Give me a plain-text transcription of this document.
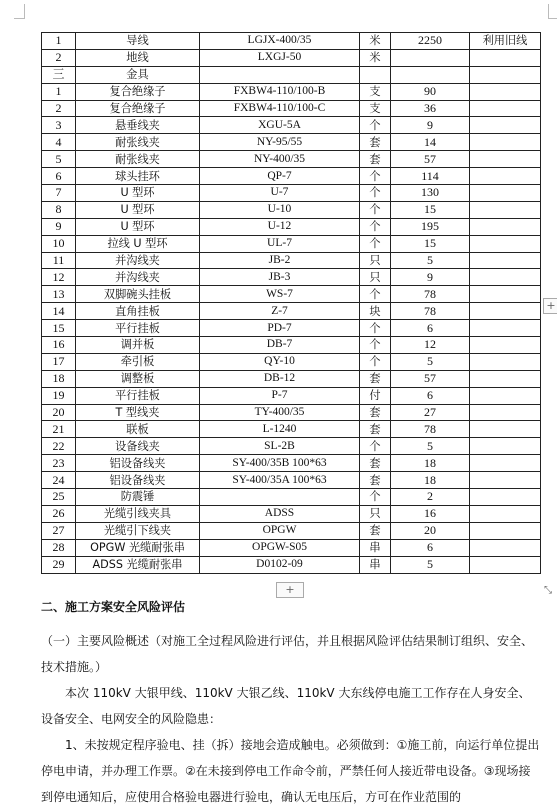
1	导线	LGJX-400/35	米	2250	利用旧线
2	地线	LXGJ-50	米		
三	金具				
1	复合绝缘子	FXBW4-110/100-B	支	90	
2	复合绝缘子	FXBW4-110/100-C	支	36	
3	悬垂线夹	XGU-5A	个	9	
4	耐张线夹	NY-95/55	套	14	
5	耐张线夹	NY-400/35	套	57	
6	球头挂环	QP-7	个	114	
7	U 型环	U-7	个	130	
8	U 型环	U-10	个	15	
9	U 型环	U-12	个	195	
10	拉线 U 型环	UL-7	个	15	
11	并沟线夹	JB-2	只	5	
12	并沟线夹	JB-3	只	9	
13	双脚碗头挂板	WS-7	个	78	
14	直角挂板	Z-7	块	78	
15	平行挂板	PD-7	个	6	
16	调并板	DB-7	个	12	
17	牵引板	QY-10	个	5	
18	调整板	DB-12	套	57	
19	平行挂板	P-7	付	6	
20	T 型线夹	TY-400/35	套	27	
21	联板	L-1240	套	78	
22	设备线夹	SL-2B	个	5	
23	铝设备线夹	SY-400/35B 100*63	套	18	
24	铝设备线夹	SY-400/35A 100*63	套	18	
25	防震锤		个	2	
26	光缆引线夹具	ADSS	只	16	
27	光缆引下线夹	OPGW	套	20	
28	OPGW 光缆耐张串	OPGW-S05	串	6	
29	ADSS 光缆耐张串	D0102-09	串	5	
+
+
⤡
二、施工方案安全风险评估
（一）主要风险概述（对施工全过程风险进行评估，并且根据风险评估结果制订组织、安全、技术措施。）
　　本次 110kV 大银甲线、110kV 大银乙线、110kV 大东线停电施工工作存在人身安全、设备安全、电网安全的风险隐患：
　　1、未按规定程序验电、挂（拆）接地会造成触电。必须做到：①施工前，向运行单位提出停电申请，并办理工作票。②在未接到停电工作命令前，严禁任何人接近带电设备。③现场接到停电通知后，应使用合格验电器进行验电，确认无电压后，方可在作业范围的
